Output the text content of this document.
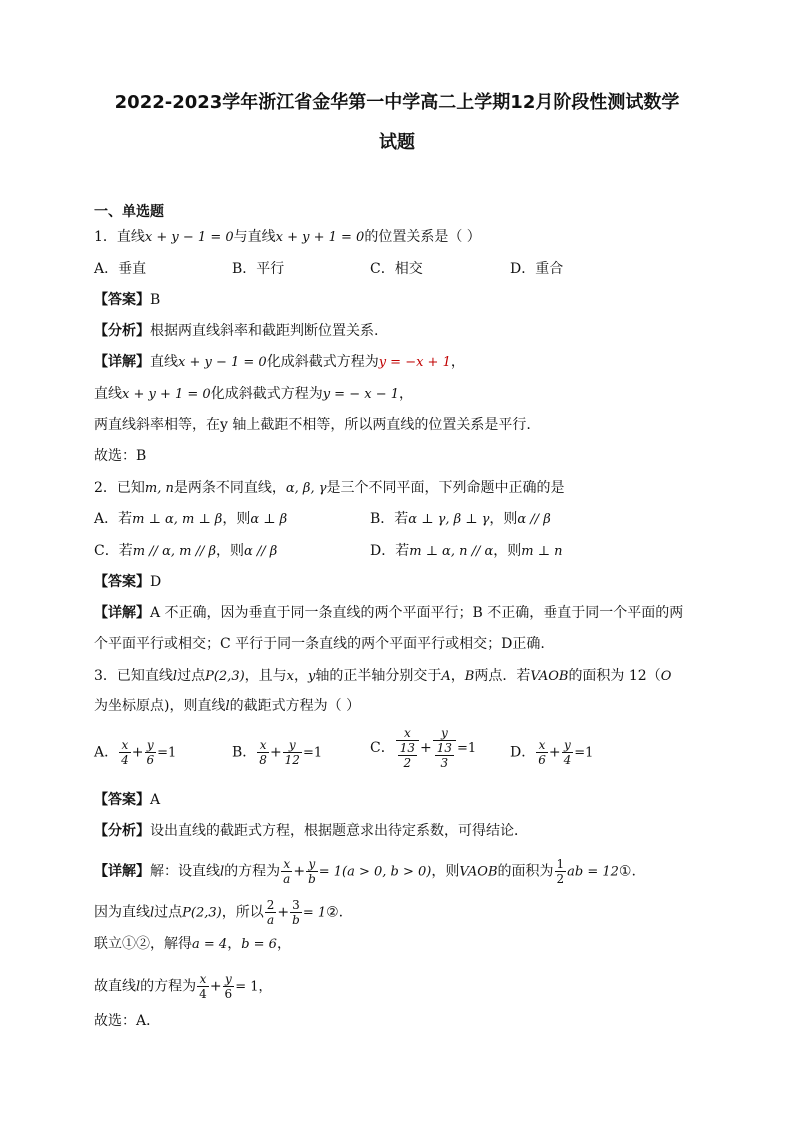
2022-2023学年浙江省金华第一中学高二上学期12月阶段性测试数学
试题
一、单选题
1．直线x + y − 1 = 0与直线x + y + 1 = 0的位置关系是（ ）
A．垂直	B．平行	C．相交	D．重合
【答案】B
【分析】根据两直线斜率和截距判断位置关系.
【详解】直线x + y − 1 = 0化成斜截式方程为y = −x + 1，
直线x + y + 1 = 0化成斜截式方程为y = − x − 1，
两直线斜率相等，在y 轴上截距不相等，所以两直线的位置关系是平行.
故选：B
2．已知m, n是两条不同直线，α, β, γ是三个不同平面，下列命题中正确的是
A．若m ⊥ α, m ⊥ β，则α ⊥ β	B．若α ⊥ γ, β ⊥ γ，则α // β
C．若m // α, m // β，则α // β	D．若m ⊥ α, n // α，则m ⊥ n
【答案】D
【详解】A 不正确，因为垂直于同一条直线的两个平面平行；B 不正确，垂直于同一个平面的两
个平面平行或相交；C 平行于同一条直线的两个平面平行或相交；D正确.
3．已知直线l过点P(2,3)，且与x，y轴的正半轴分别交于A，B两点．若VAOB的面积为 12（O
为坐标原点)，则直线l的截距式方程为（ ）
A． $\frac{x}{4} + \frac{y}{6} =1$	B． $\frac{x}{8} + \frac{y}{12} =1$	C． $\frac{x}{\frac{13}{2}} + \frac{y}{\frac{13}{3}} =1$ D． $\frac{x}{6} + \frac{y}{4} =1$
【答案】A
【分析】设出直线的截距式方程，根据题意求出待定系数，可得结论．
【详解】解：设直线l的方程为 $\frac{x}{a} + \frac{y}{b} = 1(a > 0$, b > 0)，则VAOB的面积为 $\frac{1}{2}$ ab = 12①.
因为直线l过点P(2,3)，所以 $\frac{2}{a} + \frac{3}{b}$ = 1②.
联立①②，解得a = 4，b = 6，
故直线l的方程为 $\frac{x}{4} + \frac{y}{6} = 1$，
故选：A．
